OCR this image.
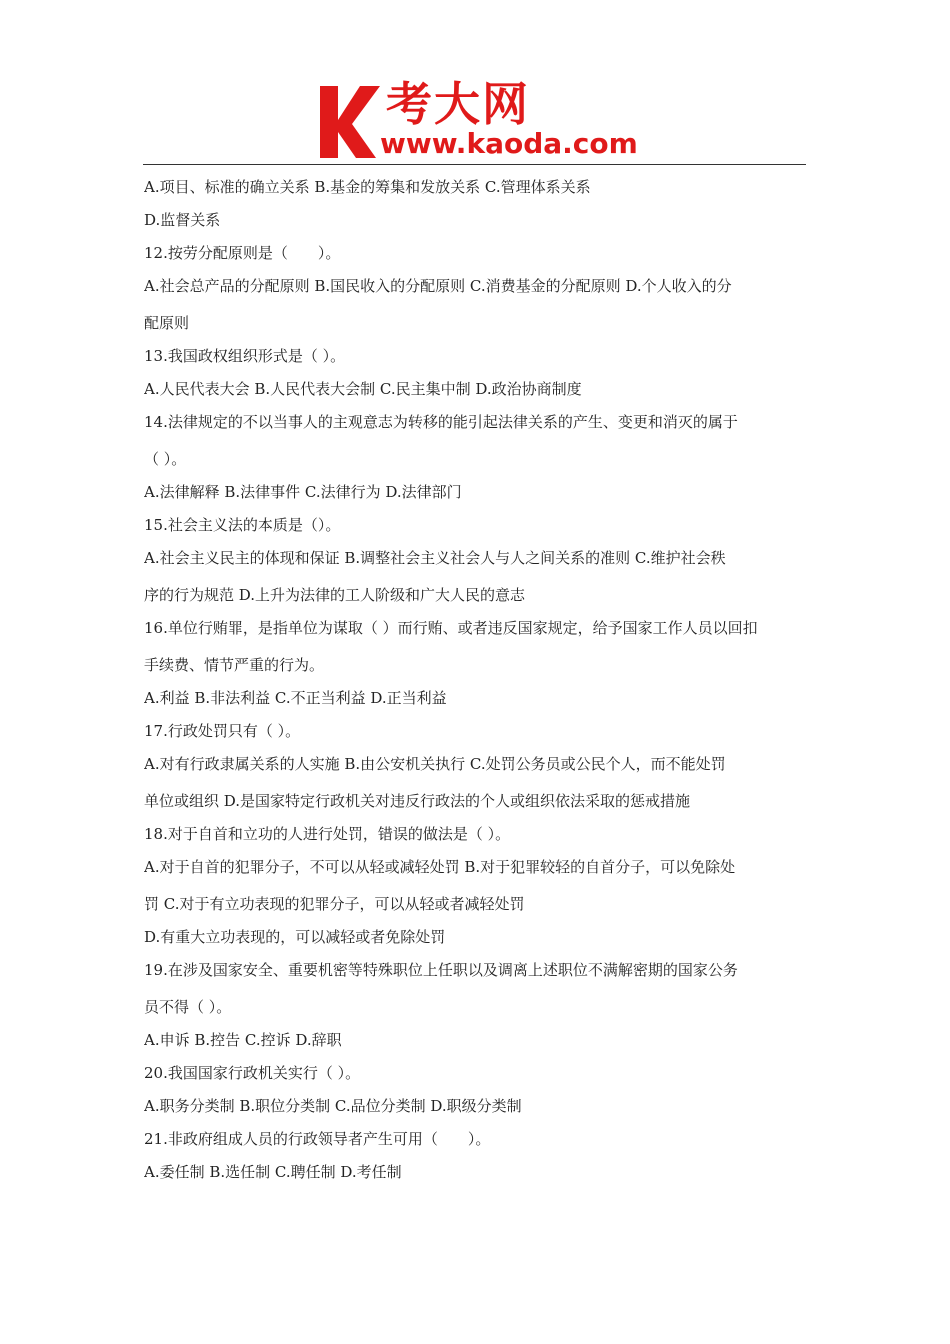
考大网
www.kaoda.com
A.项目、标准的确立关系 B.基金的筹集和发放关系 C.管理体系关系
D.监督关系
12.按劳分配原则是（　　）。
A.社会总产品的分配原则 B.国民收入的分配原则 C.消费基金的分配原则 D.个人收入的分
配原则
13.我国政权组织形式是（ ）。
A.人民代表大会 B.人民代表大会制 C.民主集中制 D.政治协商制度
14.法律规定的不以当事人的主观意志为转移的能引起法律关系的产生、变更和消灭的属于
（ ）。
A.法律解释 B.法律事件 C.法律行为 D.法律部门
15.社会主义法的本质是（）。
A.社会主义民主的体现和保证 B.调整社会主义社会人与人之间关系的准则 C.维护社会秩
序的行为规范 D.上升为法律的工人阶级和广大人民的意志
16.单位行贿罪，是指单位为谋取（ ）而行贿、或者违反国家规定，给予国家工作人员以回扣
手续费、情节严重的行为。
A.利益 B.非法利益 C.不正当利益 D.正当利益
17.行政处罚只有（ ）。
A.对有行政隶属关系的人实施 B.由公安机关执行 C.处罚公务员或公民个人，而不能处罚
单位或组织 D.是国家特定行政机关对违反行政法的个人或组织依法采取的惩戒措施
18.对于自首和立功的人进行处罚，错误的做法是（ ）。
A.对于自首的犯罪分子，不可以从轻或减轻处罚 B.对于犯罪较轻的自首分子，可以免除处
罚 C.对于有立功表现的犯罪分子，可以从轻或者减轻处罚
D.有重大立功表现的，可以减轻或者免除处罚
19.在涉及国家安全、重要机密等特殊职位上任职以及调离上述职位不满解密期的国家公务
员不得（ ）。
A.申诉 B.控告 C.控诉 D.辞职
20.我国国家行政机关实行（ ）。
A.职务分类制 B.职位分类制 C.品位分类制 D.职级分类制
21.非政府组成人员的行政领导者产生可用（　　）。
A.委任制 B.选任制 C.聘任制 D.考任制
